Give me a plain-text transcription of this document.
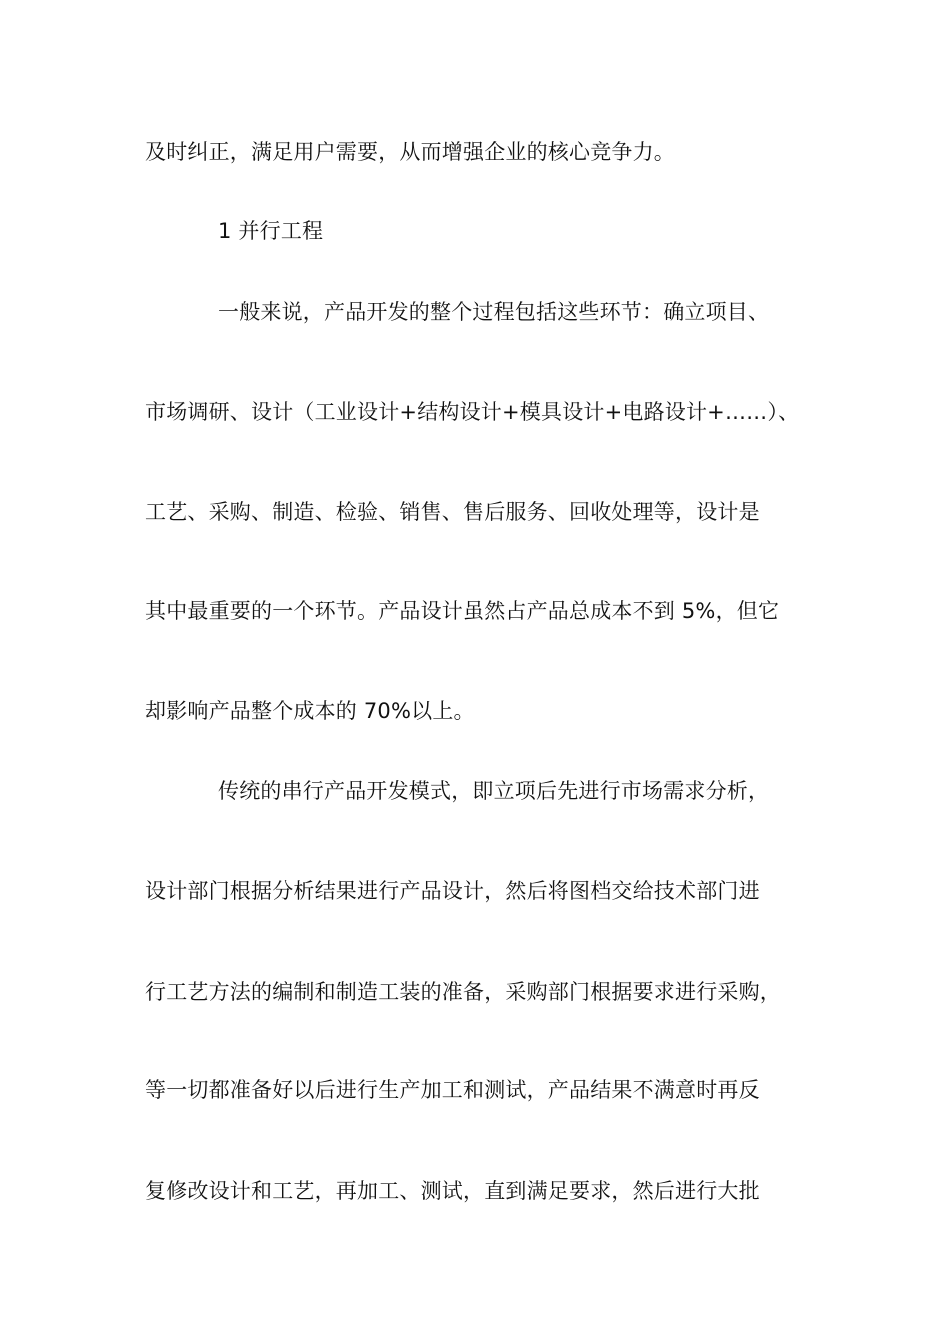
及时纠正，满足用户需要，从而增强企业的核心竞争力。
1 并行工程
一般来说，产品开发的整个过程包括这些环节：确立项目、
市场调研、设计（工业设计+结构设计+模具设计+电路设计+……）、
工艺、采购、制造、检验、销售、售后服务、回收处理等，设计是
其中最重要的一个环节。产品设计虽然占产品总成本不到 5%，但它
却影响产品整个成本的 70%以上。
传统的串行产品开发模式，即立项后先进行市场需求分析，
设计部门根据分析结果进行产品设计，然后将图档交给技术部门进
行工艺方法的编制和制造工装的准备，采购部门根据要求进行采购，
等一切都准备好以后进行生产加工和测试，产品结果不满意时再反
复修改设计和工艺，再加工、测试，直到满足要求，然后进行大批
